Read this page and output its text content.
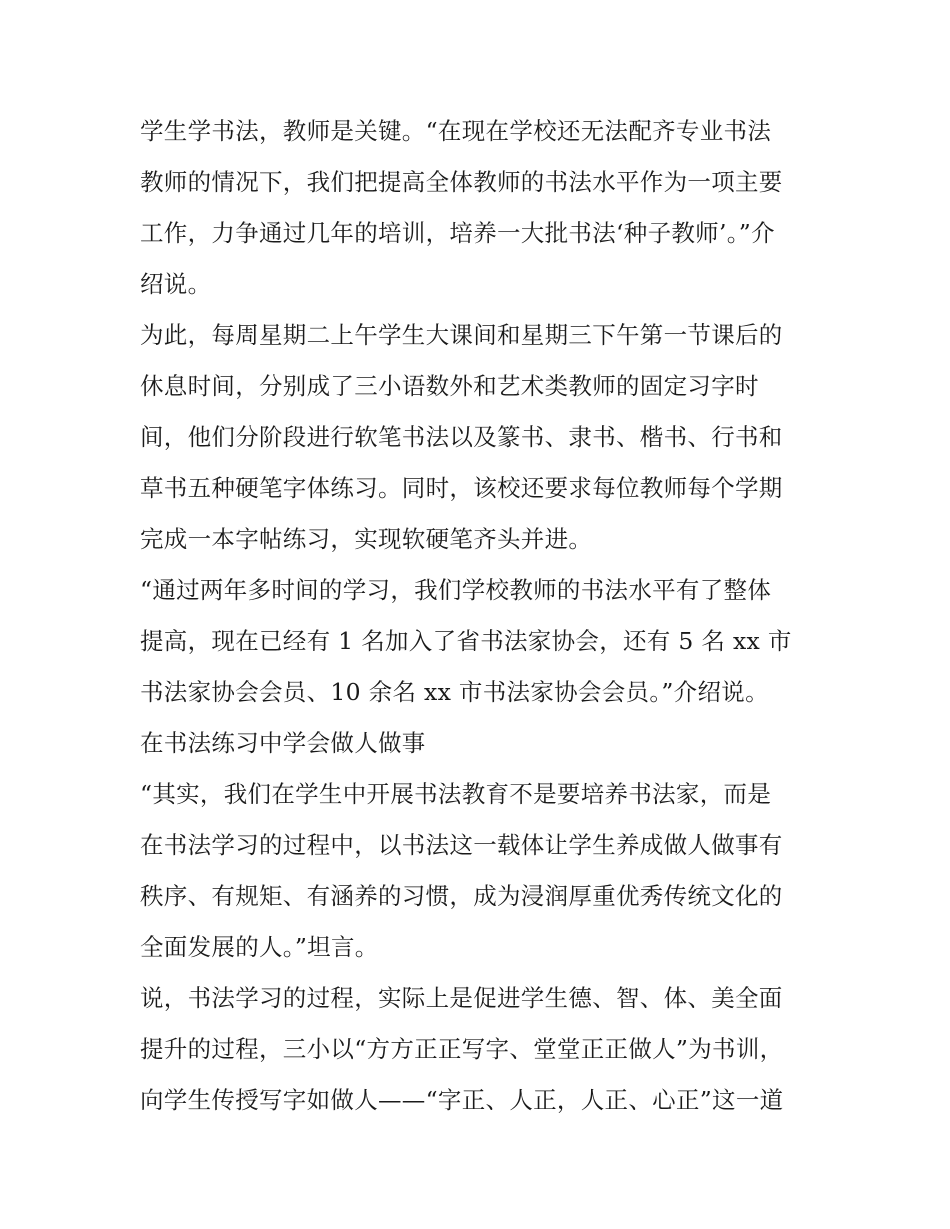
学生学书法，教师是关键。“在现在学校还无法配齐专业书法
教师的情况下，我们把提高全体教师的书法水平作为一项主要
工作，力争通过几年的培训，培养一大批书法‘种子教师’。”介
绍说。
为此，每周星期二上午学生大课间和星期三下午第一节课后的
休息时间，分别成了三小语数外和艺术类教师的固定习字时
间，他们分阶段进行软笔书法以及篆书、隶书、楷书、行书和
草书五种硬笔字体练习。同时，该校还要求每位教师每个学期
完成一本字帖练习，实现软硬笔齐头并进。
“通过两年多时间的学习，我们学校教师的书法水平有了整体
提高，现在已经有 1 名加入了省书法家协会，还有 5 名 xx 市
书法家协会会员、10 余名 xx 市书法家协会会员。”介绍说。
在书法练习中学会做人做事
“其实，我们在学生中开展书法教育不是要培养书法家，而是
在书法学习的过程中，以书法这一载体让学生养成做人做事有
秩序、有规矩、有涵养的习惯，成为浸润厚重优秀传统文化的
全面发展的人。”坦言。
说，书法学习的过程，实际上是促进学生德、智、体、美全面
提升的过程，三小以“方方正正写字、堂堂正正做人”为书训，
向学生传授写字如做人——“字正、人正，人正、心正”这一道
